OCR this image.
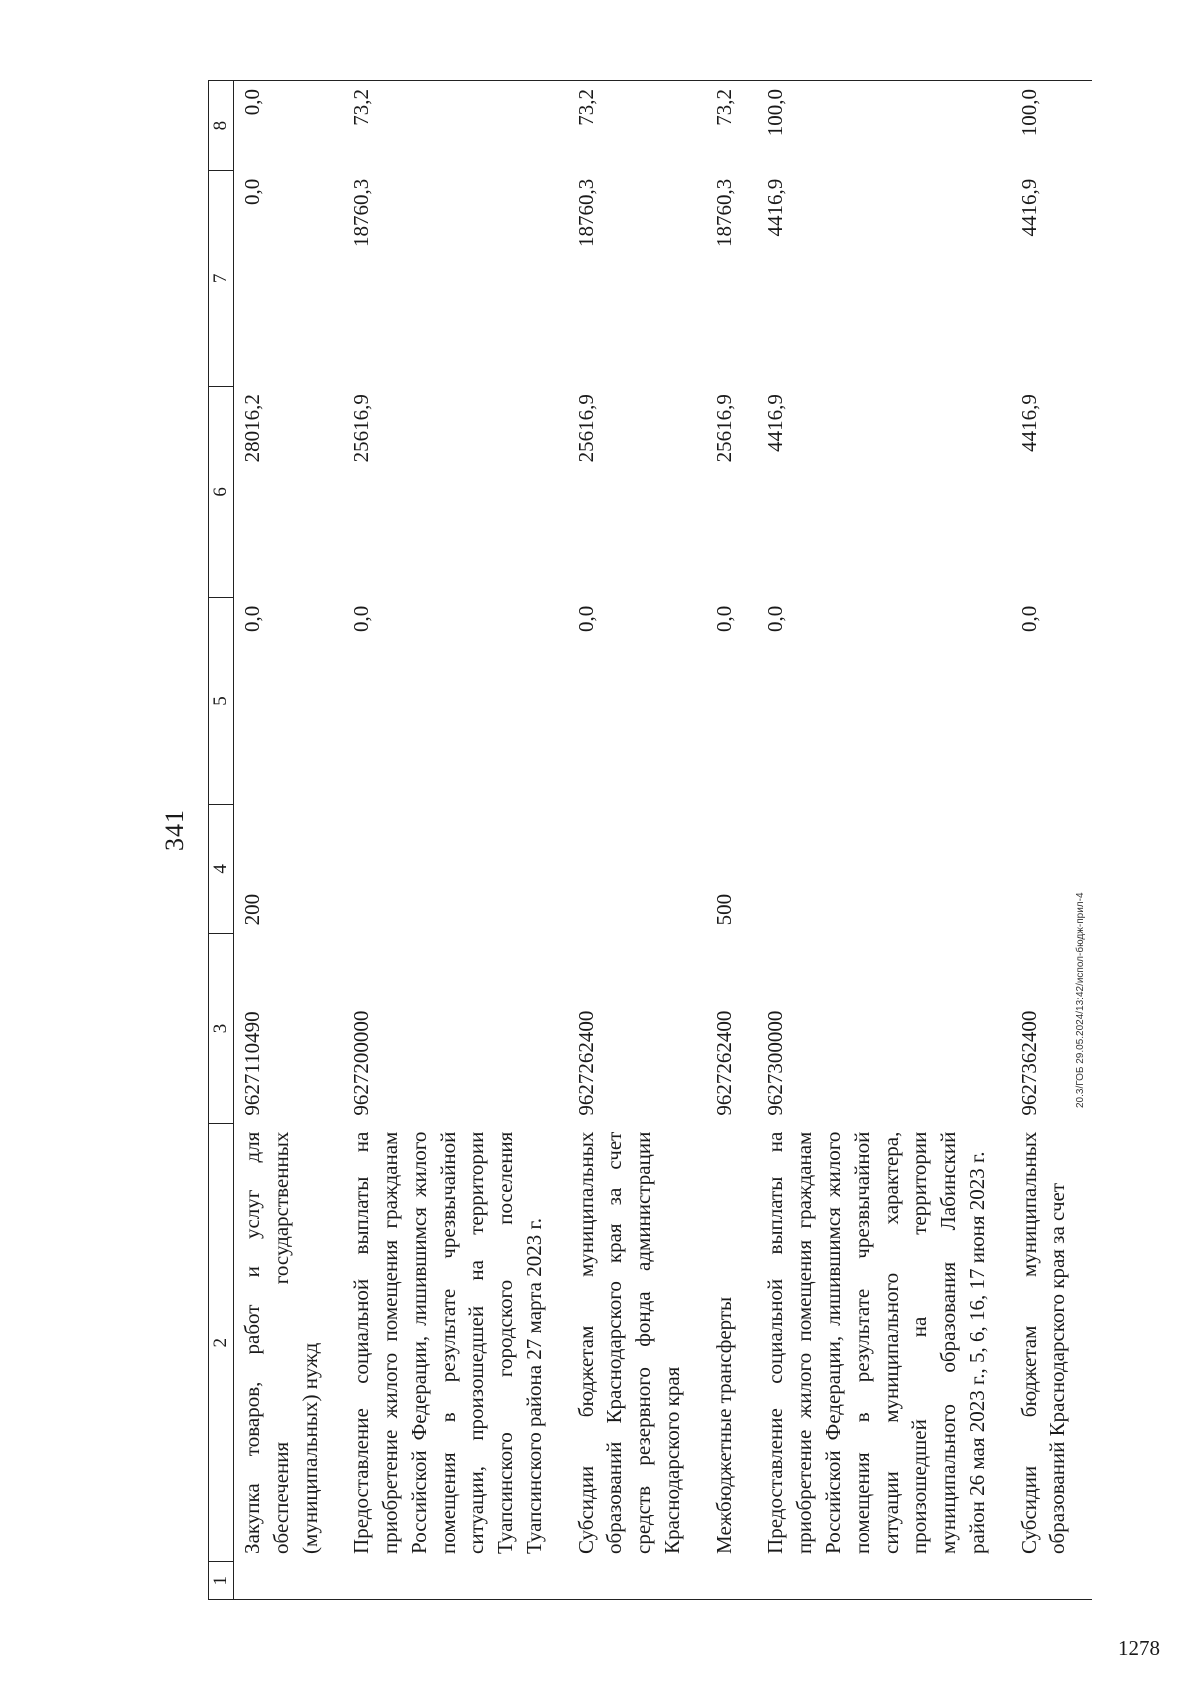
341
1	2	3	4	5	6	7	8
	Закупка товаров, работ и услуг для обеспечения государственных (муниципальных) нужд	9627110490	200	0,0	28016,2	0,0	0,0
	Предоставление социальной выплаты на приобретение жилого помещения гражданам Российской Федерации, лишившимся жилого помещения в результате чрезвычайной ситуации, произошедшей на территории Туапсинского городского поселения Туапсинского района 27 марта 2023 г.	9627200000		0,0	25616,9	18760,3	73,2
	Субсидии бюджетам муниципальных образований Краснодарского края за счет средств резервного фонда администрации Краснодарского края	9627262400		0,0	25616,9	18760,3	73,2
	Межбюджетные трансферты	9627262400	500	0,0	25616,9	18760,3	73,2
	Предоставление социальной выплаты на приобретение жилого помещения гражданам Российской Федерации, лишившимся жилого помещения в результате чрезвычайной ситуации муниципального характера, произошедшей на территории муниципального образования Лабинский район 26 мая 2023 г., 5, 6, 16, 17 июня 2023 г.	9627300000		0,0	4416,9	4416,9	100,0
	Субсидии бюджетам муниципальных образований Краснодарского края за счет	9627362400		0,0	4416,9	4416,9	100,0
20.3/ГОБ 29.05.2024/13:42/испол-бюдж-прил-4
1278
